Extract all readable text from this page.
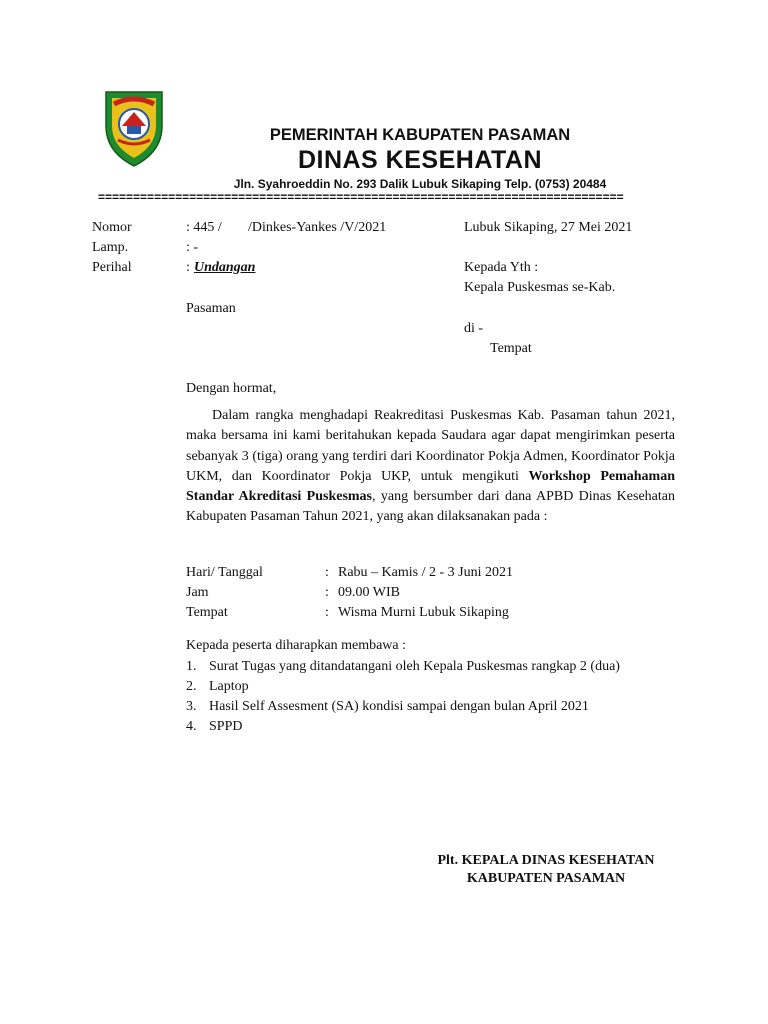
PEMERINTAH KABUPATEN PASAMAN
DINAS KESEHATAN
Jln. Syahroeddin No. 293 Dalik Lubuk Sikaping Telp. (0753) 20484
===========================================================================
Nomor	: 445 / /Dinkes-Yankes /V/2021	Lubuk Sikaping, 27 Mei 2021
Lamp.	: -
Perihal	: Undangan	Kepada Yth :
Kepala Puskesmas se-Kab.
Pasaman
di -
Tempat
Dengan hormat,
Dalam rangka menghadapi Reakreditasi Puskesmas Kab. Pasaman tahun 2021, maka bersama ini kami beritahukan kepada Saudara agar dapat mengirimkan peserta sebanyak 3 (tiga) orang yang terdiri dari Koordinator Pokja Admen, Koordinator Pokja UKM, dan Koordinator Pokja UKP, untuk mengikuti Workshop Pemahaman Standar Akreditasi Puskesmas, yang bersumber dari dana APBD Dinas Kesehatan Kabupaten Pasaman Tahun 2021, yang akan dilaksanakan pada :
Hari/ Tanggal	: Rabu – Kamis / 2 - 3 Juni 2021
Jam	: 09.00 WIB
Tempat	: Wisma Murni Lubuk Sikaping
Kepada peserta diharapkan membawa :
1. Surat Tugas yang ditandatangani oleh Kepala Puskesmas rangkap 2 (dua)
2. Laptop
3. Hasil Self Assesment (SA) kondisi sampai dengan bulan April 2021
4. SPPD
Plt. KEPALA DINAS KESEHATAN
KABUPATEN PASAMAN
